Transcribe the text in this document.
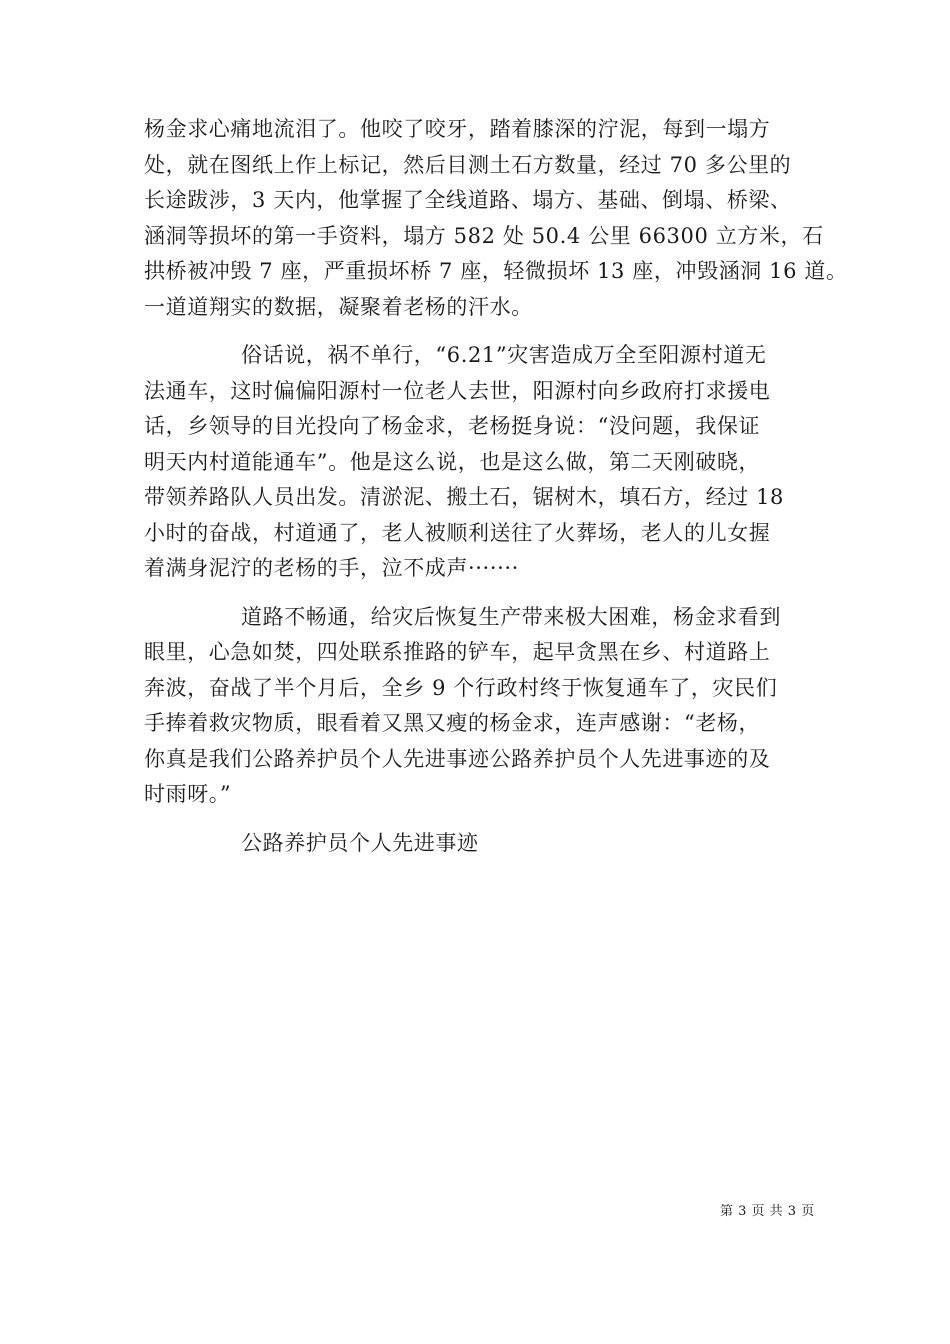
杨金求心痛地流泪了。他咬了咬牙，踏着膝深的泞泥，每到一塌方
处，就在图纸上作上标记，然后目测土石方数量，经过 70 多公里的
长途跋涉，3 天内，他掌握了全线道路、塌方、基础、倒塌、桥梁、
涵洞等损坏的第一手资料，塌方 582 处 50.4 公里 66300 立方米，石
拱桥被冲毁 7 座，严重损坏桥 7 座，轻微损坏 13 座，冲毁涵洞 16 道。
一道道翔实的数据，凝聚着老杨的汗水。
俗话说，祸不单行，“6.21”灾害造成万全至阳源村道无
法通车，这时偏偏阳源村一位老人去世，阳源村向乡政府打求援电
话，乡领导的目光投向了杨金求，老杨挺身说：“没问题，我保证
明天内村道能通车”。他是这么说，也是这么做，第二天刚破晓，
带领养路队人员出发。清淤泥、搬土石，锯树木，填石方，经过 18
小时的奋战，村道通了，老人被顺利送往了火葬场，老人的儿女握
着满身泥泞的老杨的手，泣不成声·······
道路不畅通，给灾后恢复生产带来极大困难，杨金求看到
眼里，心急如焚，四处联系推路的铲车，起早贪黑在乡、村道路上
奔波，奋战了半个月后，全乡 9 个行政村终于恢复通车了，灾民们
手捧着救灾物质，眼看着又黑又瘦的杨金求，连声感谢：“老杨，
你真是我们公路养护员个人先进事迹公路养护员个人先进事迹的及
时雨呀。”
公路养护员个人先进事迹
第 3 页 共 3 页
